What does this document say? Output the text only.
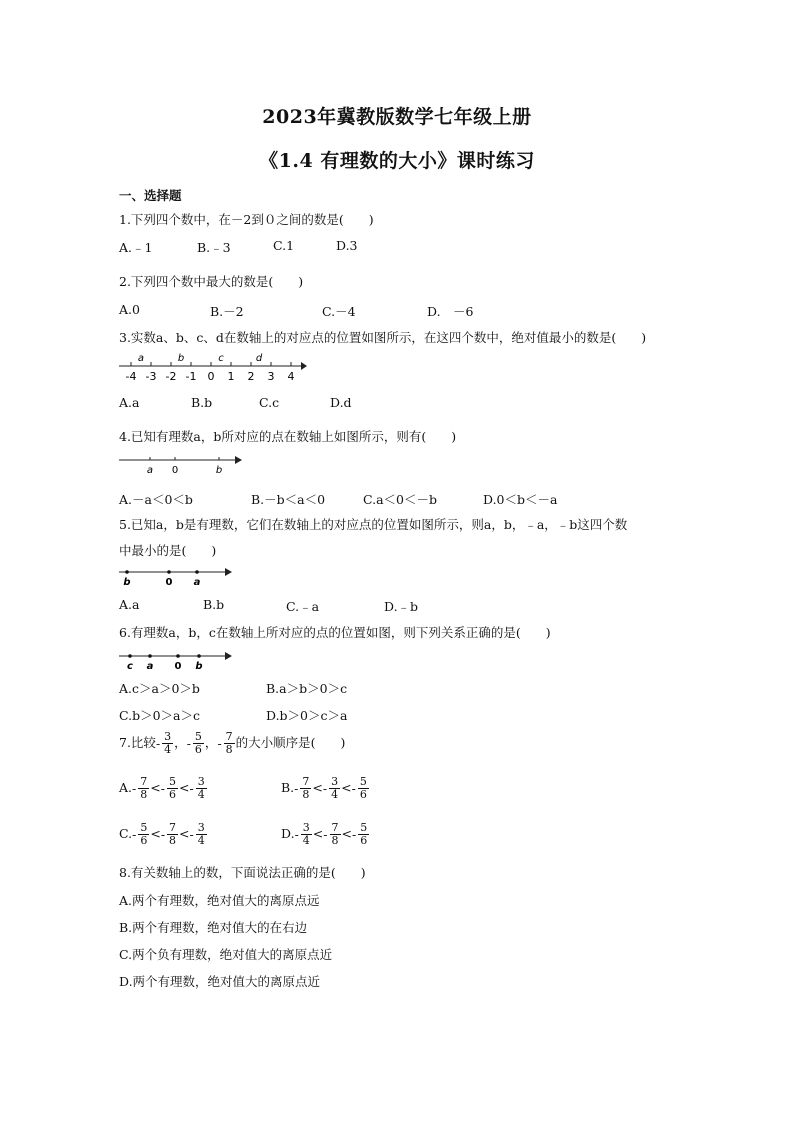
2023年冀教版数学七年级上册
《1.4 有理数的大小》课时练习
一、选择题
1.下列四个数中，在－2到０之间的数是(　　)
A.﹣1	B.﹣3	C.1	D.3
2.下列四个数中最大的数是(　　)
A.0	B.－2	C.－4	D.　－6
3.实数a、b、c、d在数轴上的对应点的位置如图所示，在这四个数中，绝对值最小的数是(　　)
-4 -3 -2 -1 0 1 2 3 4
a	b	c	d
A.a	B.b	C.c	D.d
4.已知有理数a，b所对应的点在数轴上如图所示，则有(　　)
a 0	b
A.－a＜0＜b	B.－b＜a＜0	C.a＜0＜－b	D.0＜b＜－a
5.已知a，b是有理数，它们在数轴上的对应点的位置如图所示，则a，b，﹣a，﹣b这四个数
中最小的是(　　)
b	0 a
A.a	B.b	C.﹣a	D.﹣b
6.有理数a，b，c在数轴上所对应的点的位置如图，则下列关系正确的是(　　)
c a 0 b
A.c＞a＞0＞b	B.a＞b＞0＞c
C.b＞0＞a＞c	D.b＞0＞c＞a
7.比较- $\frac{3}{4}$ ，- $\frac{5}{6}$ ，- $\frac{7}{8}$ 的大小顺序是(　　)
$A.- \frac{7}{8} <- \frac{5}{6} <- \frac{3}{4}$	$B.- \frac{7}{8} <- \frac{3}{4} <- \frac{5}{6}$
$C.- \frac{5}{6} <- \frac{7}{8} <- \frac{3}{4}$	$D.- \frac{3}{4} <- \frac{7}{8} <- \frac{5}{6}$
8.有关数轴上的数，下面说法正确的是(　　)
A.两个有理数，绝对值大的离原点远
B.两个有理数，绝对值大的在右边
C.两个负有理数，绝对值大的离原点近
D.两个有理数，绝对值大的离原点近
